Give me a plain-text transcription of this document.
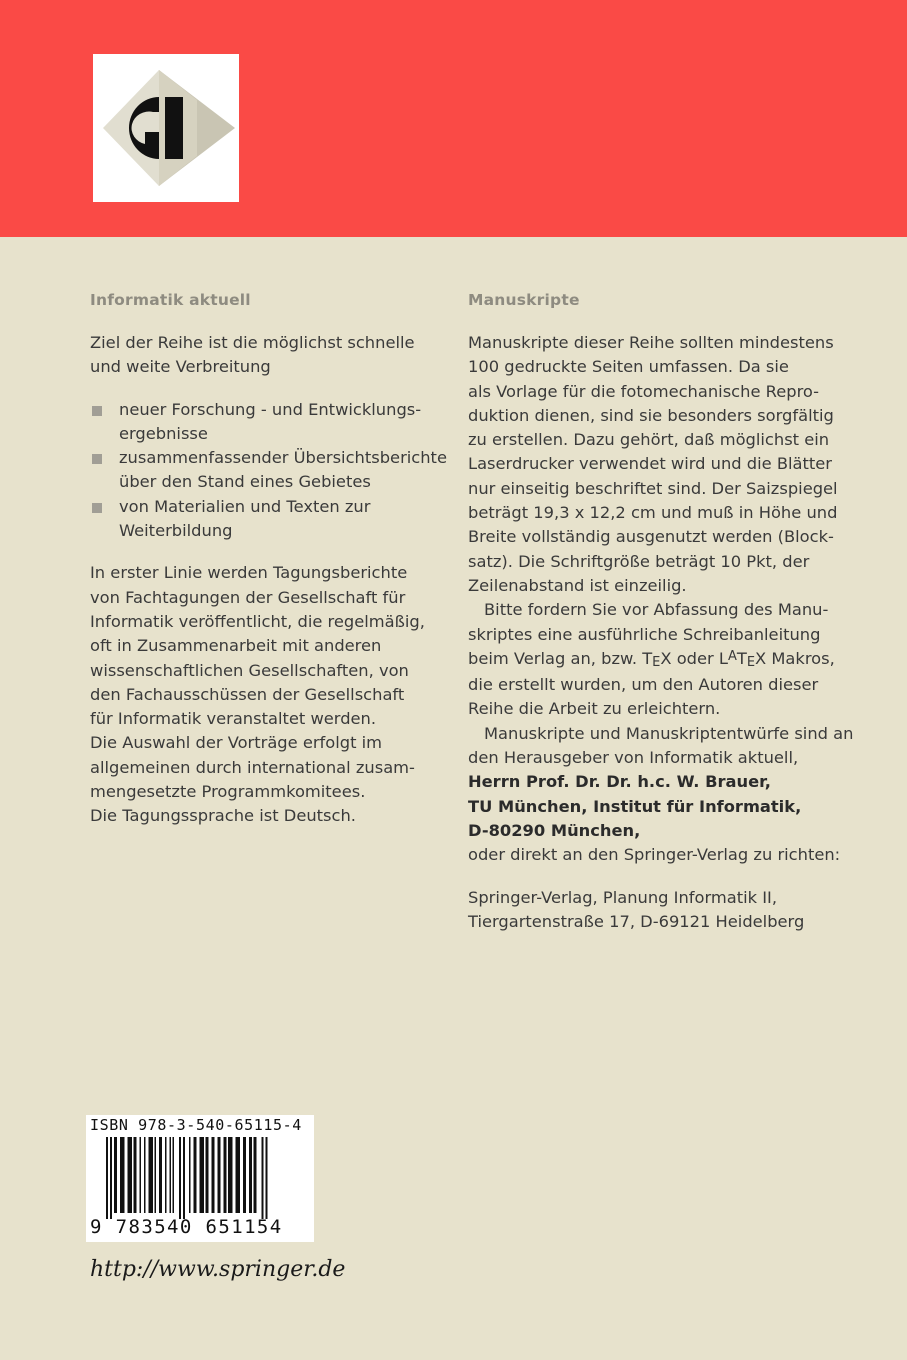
Informatik aktuell

Ziel der Reihe ist die möglichst schnelle

und weite Verbreitung

neuer Forschung - und Entwicklungs-

ergebnisse

zusammenfassender Übersichtsberichte

über den Stand eines Gebietes

von Materialien und Texten zur

Weiterbildung

In erster Linie werden Tagungsberichte

von Fachtagungen der Gesellschaft für

Informatik veröffentlicht, die regelmäßig,

oft in Zusammenarbeit mit anderen

wissenschaftlichen Gesellschaften, von

den Fachausschüssen der Gesellschaft

für Informatik veranstaltet werden.

Die Auswahl der Vorträge erfolgt im

allgemeinen durch international zusam-

mengesetzte Programmkomitees.

Die Tagungssprache ist Deutsch.

Manuskripte

Manuskripte dieser Reihe sollten mindestens

100 gedruckte Seiten umfassen. Da sie

als Vorlage für die fotomechanische Repro-

duktion dienen, sind sie besonders sorgfältig

zu erstellen. Dazu gehört, daß möglichst ein

Laserdrucker verwendet wird und die Blätter

nur einseitig beschriftet sind. Der Saizspiegel

beträgt 19,3 x 12,2 cm und muß in Höhe und

Breite vollständig ausgenutzt werden (Block-

satz). Die Schriftgröße beträgt 10 Pkt, der

Zeilenabstand ist einzeilig.

Bitte fordern Sie vor Abfassung des Manu-

skriptes eine ausführliche Schreibanleitung

beim Verlag an, bzw. TEX oder $L^ATEX$ Makros,

die erstellt wurden, um den Autoren dieser

Reihe die Arbeit zu erleichtern.

Manuskripte und Manuskriptentwürfe sind an

den Herausgeber von Informatik aktuell,

Herrn Prof. Dr. Dr. h.c. W. Brauer,

TU München, Institut für Informatik,

D-80290 München,

oder direkt an den Springer-Verlag zu richten:

Springer-Verlag, Planung Informatik II,

Tiergartenstraße 17, D-69121 Heidelberg

ISBN 978-3-540-65115-4
9 783540 651154
http://www.springer.de
